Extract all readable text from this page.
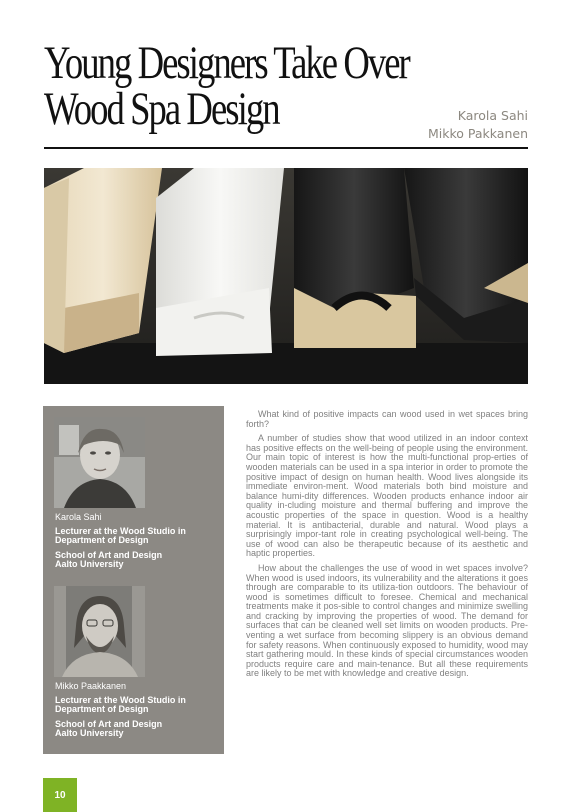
Young Designers Take Over
Wood Spa Design	Karola Sahi
Mikko Pakkanen
Karola Sahi
Lecturer at the Wood Studio in
Department of Design
School of Art and Design
Aalto University
Mikko Paakkanen
Lecturer at the Wood Studio in
Department of Design
School of Art and Design
Aalto University

What kind of positive impacts can wood used in wet spaces bring forth?

A number of studies show that wood utilized in an indoor context has positive effects on the well-being of people using the environment. Our main topic of interest is how the multi-functional prop-erties of wooden materials can be used in a spa interior in order to promote the positive impact of design on human health. Wood lives alongside its immediate environ-ment. Wood materials both bind moisture and balance humi-dity differences. Wooden products enhance indoor air quality in-cluding moisture and thermal buffering and improve the acoustic properties of the space in question. Wood is a healthy material. It is antibacterial, durable and natural. Wood plays a surprisingly impor-tant role in creating psychological well-being. The use of wood can also be therapeutic because of its aesthetic and haptic properties.

How about the challenges the use of wood in wet spaces involve? When wood is used indoors, its vulnerability and the alterations it goes through are comparable to its utiliza-tion outdoors. The behaviour of wood is sometimes difficult to foresee. Chemical and mechanical treatments make it pos-sible to control changes and minimize swelling and cracking by improving the properties of wood. The demand for surfaces that can be cleaned well set limits on wooden products. Pre-venting a wet surface from becoming slippery is an obvious demand for safety reasons. When continuously exposed to humidity, wood may start gathering mould. In these kinds of special circumstances wooden products require care and main-tenance. But all these requirements are likely to be met with knowledge and creative design.

10
